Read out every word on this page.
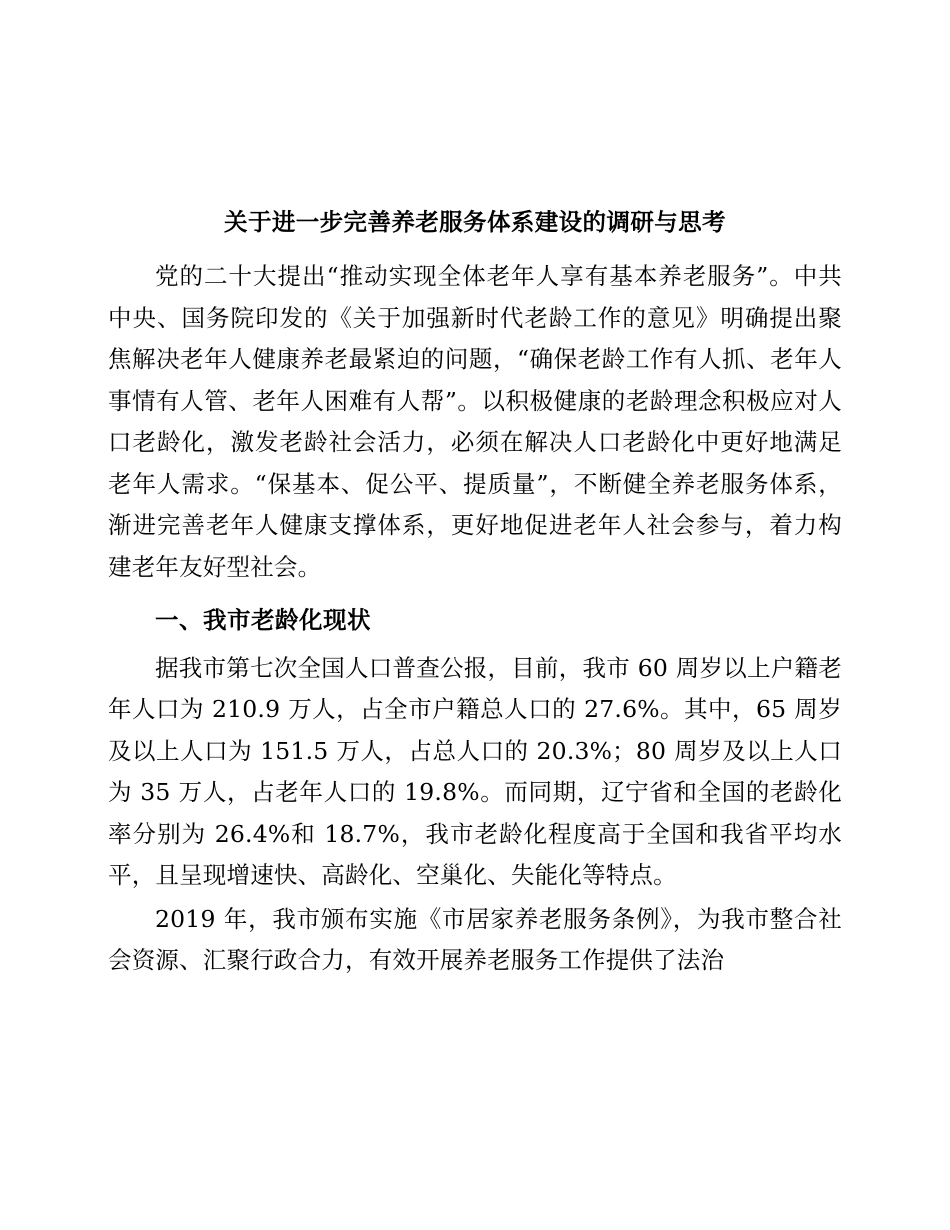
关于进一步完善养老服务体系建设的调研与思考

党的二十大提出“推动实现全体老年人享有基本养老服务”。中共中央、国务院印发的《关于加强新时代老龄工作的意见》明确提出聚焦解决老年人健康养老最紧迫的问题，“确保老龄工作有人抓、老年人事情有人管、老年人困难有人帮”。以积极健康的老龄理念积极应对人口老龄化，激发老龄社会活力，必须在解决人口老龄化中更好地满足老年人需求。“保基本、促公平、提质量”，不断健全养老服务体系，渐进完善老年人健康支撑体系，更好地促进老年人社会参与，着力构建老年友好型社会。

一、我市老龄化现状

据我市第七次全国人口普查公报，目前，我市 60 周岁以上户籍老年人口为 210.9 万人，占全市户籍总人口的 27.6%。其中，65 周岁及以上人口为 151.5 万人，占总人口的 20.3%；80 周岁及以上人口为 35 万人，占老年人口的 19.8%。而同期，辽宁省和全国的老龄化率分别为 26.4%和 18.7%，我市老龄化程度高于全国和我省平均水平，且呈现增速快、高龄化、空巢化、失能化等特点。

2019 年，我市颁布实施《市居家养老服务条例》，为我市整合社会资源、汇聚行政合力，有效开展养老服务工作提供了法治
